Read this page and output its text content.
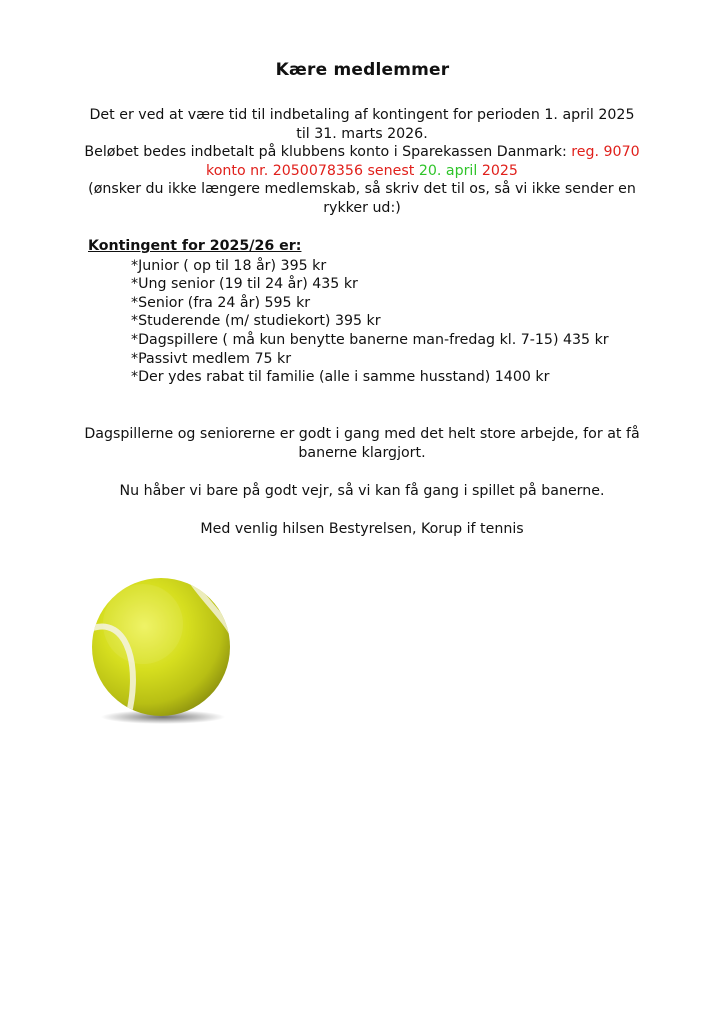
Kære medlemmer

Det er ved at være tid til indbetaling af kontingent for perioden 1. april 2025 til 31. marts 2026.

Beløbet bedes indbetalt på klubbens konto i Sparekassen Danmark: reg. 9070 konto nr. 2050078356 senest 20. april 2025

(ønsker du ikke længere medlemskab, så skriv det til os, så vi ikke sender en rykker ud:)

Kontingent for 2025/26 er:
*Junior ( op til 18 år) 395 kr
*Ung senior (19 til 24 år) 435 kr
*Senior (fra 24 år) 595 kr
*Studerende (m/ studiekort) 395 kr
*Dagspillere ( må kun benytte banerne man-fredag kl. 7-15) 435 kr
*Passivt medlem 75 kr
*Der ydes rabat til familie (alle i samme husstand) 1400 kr

Dagspillerne og seniorerne er godt i gang med det helt store arbejde, for at få banerne klargjort.

Nu håber vi bare på godt vejr, så vi kan få gang i spillet på banerne.

Med venlig hilsen Bestyrelsen, Korup if tennis
